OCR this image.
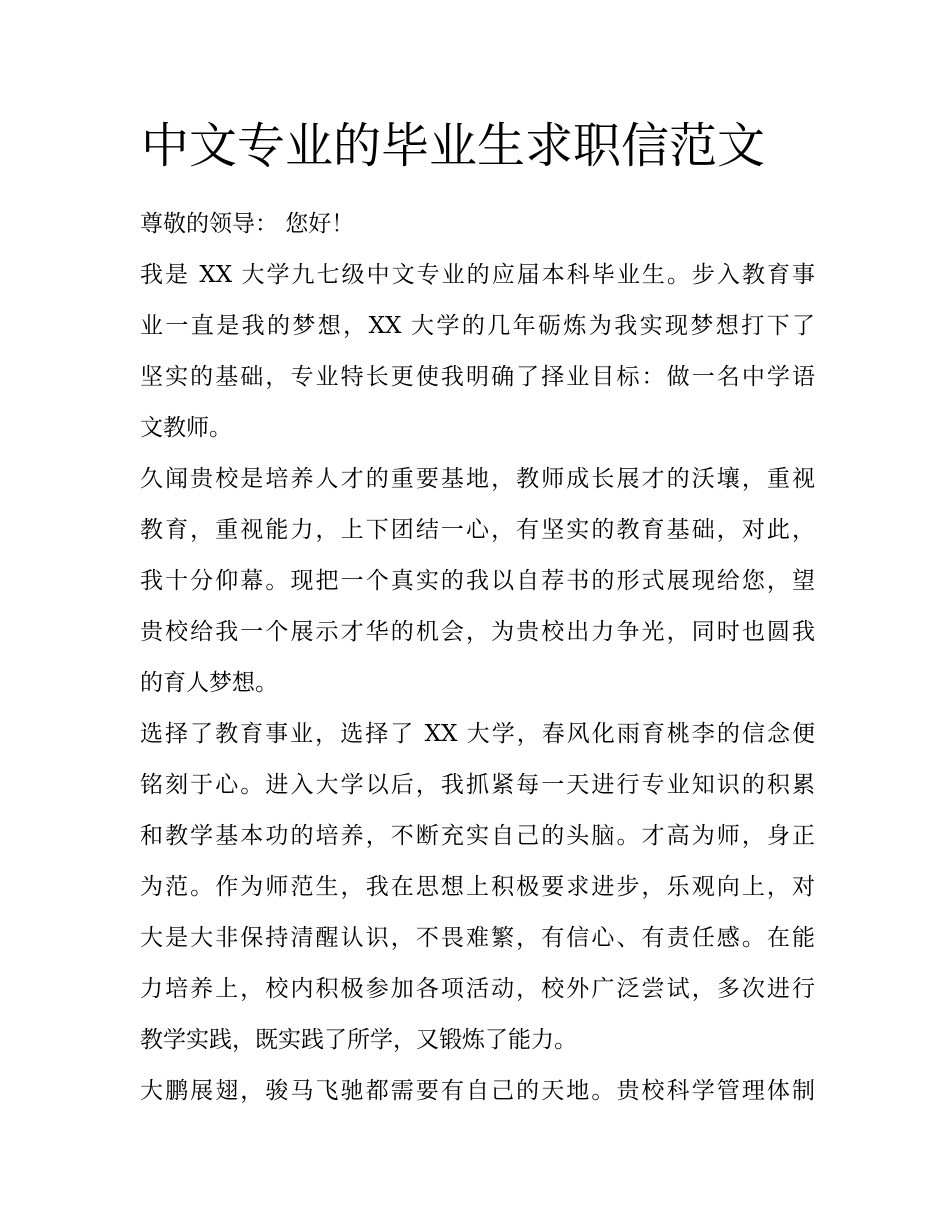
中文专业的毕业生求职信范文
尊敬的领导： 您好！
我是 XX 大学九七级中文专业的应届本科毕业生。步入教育事
业一直是我的梦想，XX 大学的几年砺炼为我实现梦想打下了
坚实的基础，专业特长更使我明确了择业目标：做一名中学语
文教师。
久闻贵校是培养人才的重要基地，教师成长展才的沃壤，重视
教育，重视能力，上下团结一心，有坚实的教育基础，对此，
我十分仰幕。现把一个真实的我以自荐书的形式展现给您，望
贵校给我一个展示才华的机会，为贵校出力争光，同时也圆我
的育人梦想。
选择了教育事业，选择了 XX 大学，春风化雨育桃李的信念便
铭刻于心。进入大学以后，我抓紧每一天进行专业知识的积累
和教学基本功的培养，不断充实自己的头脑。才高为师，身正
为范。作为师范生，我在思想上积极要求进步，乐观向上，对
大是大非保持清醒认识，不畏难繁，有信心、有责任感。在能
力培养上，校内积极参加各项活动，校外广泛尝试，多次进行
教学实践，既实践了所学，又锻炼了能力。
大鹏展翅，骏马飞驰都需要有自己的天地。贵校科学管理体制
